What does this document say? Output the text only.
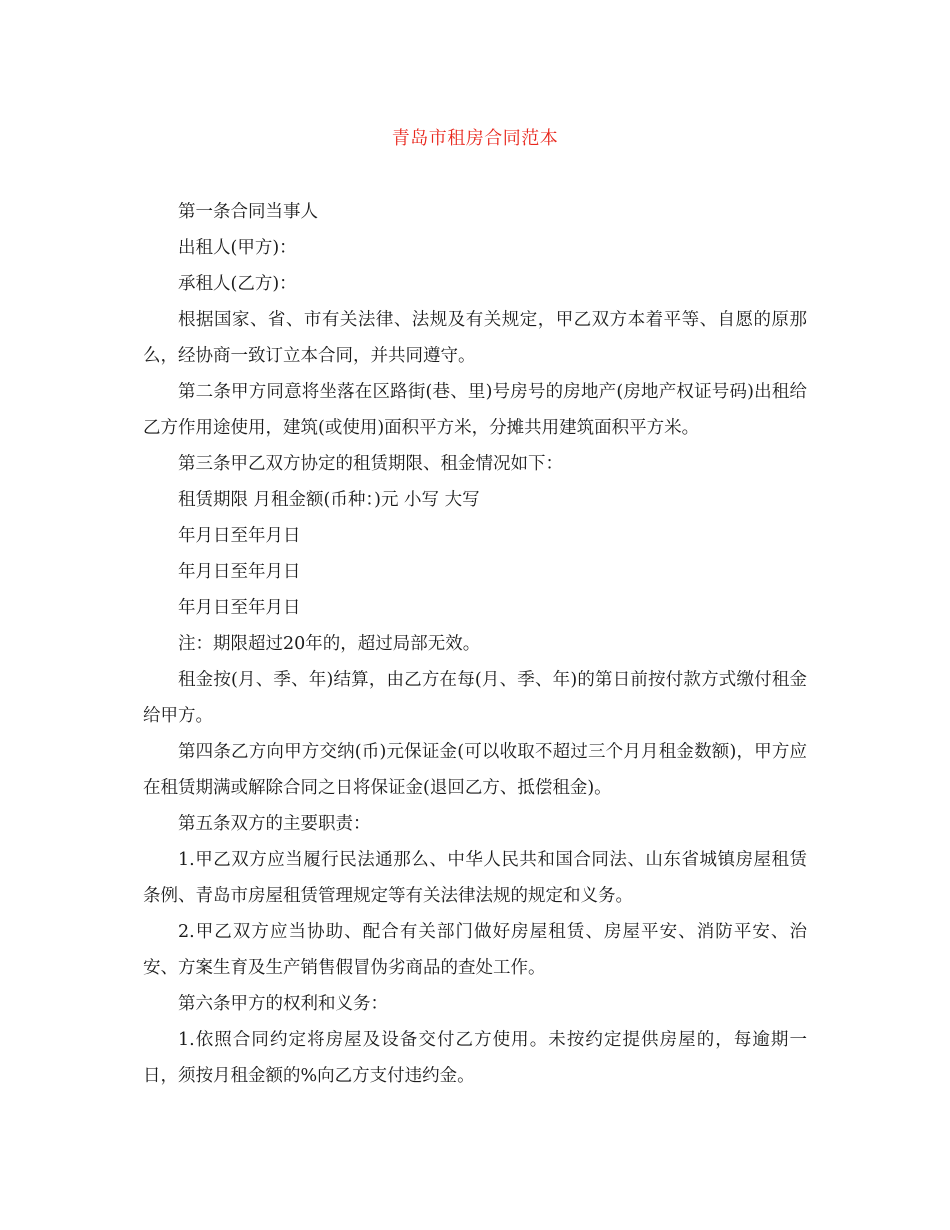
青岛市租房合同范本

第一条合同当事人

出租人(甲方)：

承租人(乙方)：

根据国家、省、市有关法律、法规及有关规定，甲乙双方本着平等、自愿的原那么，经协商一致订立本合同，并共同遵守。

第二条甲方同意将坐落在区路街(巷、里)号房号的房地产(房地产权证号码)出租给乙方作用途使用，建筑(或使用)面积平方米，分摊共用建筑面积平方米。

第三条甲乙双方协定的租赁期限、租金情况如下：

租赁期限 月租金额(币种：)元 小写 大写

年月日至年月日

年月日至年月日

年月日至年月日

注：期限超过20年的，超过局部无效。

租金按(月、季、年)结算，由乙方在每(月、季、年)的第日前按付款方式缴付租金给甲方。

第四条乙方向甲方交纳(币)元保证金(可以收取不超过三个月月租金数额)，甲方应在租赁期满或解除合同之日将保证金(退回乙方、抵偿租金)。

第五条双方的主要职责：

1.甲乙双方应当履行民法通那么、中华人民共和国合同法、山东省城镇房屋租赁条例、青岛市房屋租赁管理规定等有关法律法规的规定和义务。

2.甲乙双方应当协助、配合有关部门做好房屋租赁、房屋平安、消防平安、治安、方案生育及生产销售假冒伪劣商品的查处工作。

第六条甲方的权利和义务：

1.依照合同约定将房屋及设备交付乙方使用。未按约定提供房屋的，每逾期一日，须按月租金额的%向乙方支付违约金。
